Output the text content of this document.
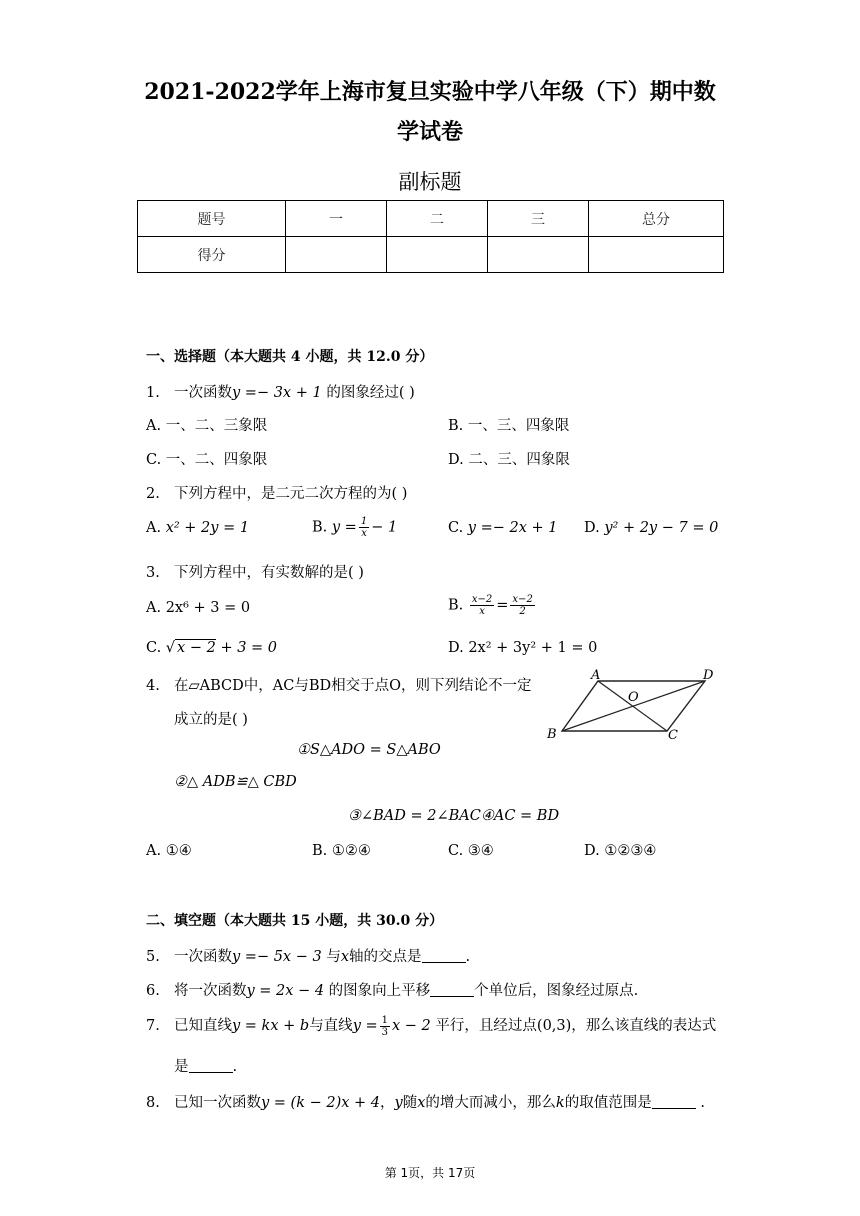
2021-2022学年上海市复旦实验中学八年级（下）期中数
学试卷
副标题
题号	一	二	三	总分
得分				
一、选择题（本大题共 4 小题，共 12.0 分）
1. 一次函数y =− 3x + 1 的图象经过( )
A. 一、二、三象限	B. 一、三、四象限
C. 一、二、四象限	D. 二、三、四象限
2. 下列方程中，是二元二次方程的为( )
A. x² + 2y = 1	B. $y = \frac{1}{x} - 1$	C. y =− 2x + 1 D. y² + 2y − 7 = 0
3. 下列方程中，有实数解的是( )
A. 2x⁶ + 3 = 0	B. $\frac{x-2}{x} = \frac{x-2}{2}$
C. √ x − 2 + 3 = 0	D. 2x² + 3y² + 1 = 0
4. 在▱ABCD中，AC与BD相交于点O，则下列结论不一定
成立的是( )
①S△ADO = S△ABO
②△ ADB≌△ CBD
③∠BAD = 2∠BAC④AC = BD
A. ①④	B. ①②④	C. ③④	D. ①②③④
A	D
B	C
O
二、填空题（本大题共 15 小题，共 30.0 分）
5. 一次函数y =− 5x − 3 与x轴的交点是	.
6. 将一次函数y = 2x − 4 的图象向上平移	个单位后，图象经过原点.
7. 已知直线y = kx + b与直线$y = \frac{1}{3}$ x − 2 平行，且经过点(0,3)，那么该直线的表达式
是	.
8. 已知一次函数y = (k − 2)x + 4，y随x的增大而减小，那么k的取值范围是	.
第 1页，共 17页
